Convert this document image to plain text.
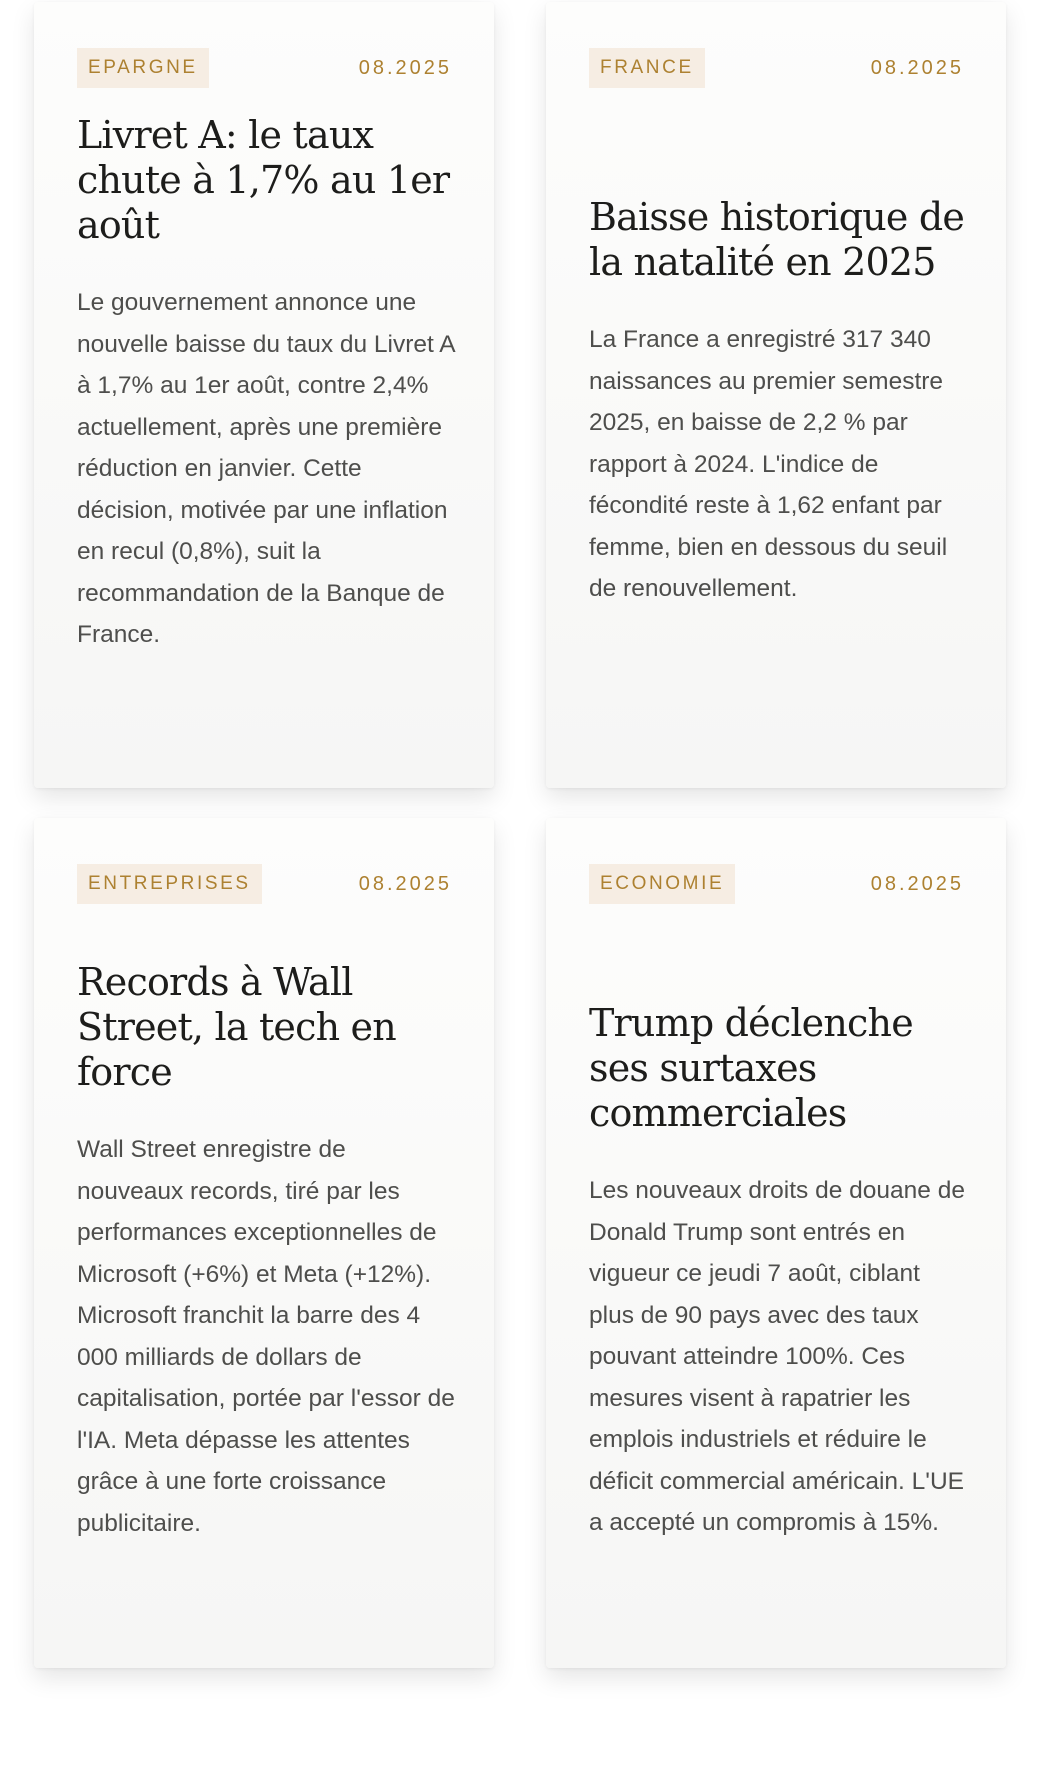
EPARGNE	08.2025
Livret A: le taux chute à 1,7% au 1er août

Le gouvernement annonce une nouvelle baisse du taux du Livret A à 1,7% au 1er août, contre 2,4% actuellement, après une première réduction en janvier. Cette décision, motivée par une inflation en recul (0,8%), suit la recommandation de la Banque de France.

FRANCE	08.2025
Baisse historique de la natalité en 2025

La France a enregistré 317 340 naissances au premier semestre 2025, en baisse de 2,2 % par rapport à 2024. L'indice de fécondité reste à 1,62 enfant par femme, bien en dessous du seuil de renouvellement.

ENTREPRISES	08.2025
Records à Wall Street, la tech en force

Wall Street enregistre de nouveaux records, tiré par les performances exceptionnelles de Microsoft (+6%) et Meta (+12%). Microsoft franchit la barre des 4 000 milliards de dollars de capitalisation, portée par l'essor de l'IA. Meta dépasse les attentes grâce à une forte croissance publicitaire.

ECONOMIE	08.2025
Trump déclenche ses surtaxes commerciales

Les nouveaux droits de douane de Donald Trump sont entrés en vigueur ce jeudi 7 août, ciblant plus de 90 pays avec des taux pouvant atteindre 100%. Ces mesures visent à rapatrier les emplois industriels et réduire le déficit commercial américain. L'UE a accepté un compromis à 15%.
